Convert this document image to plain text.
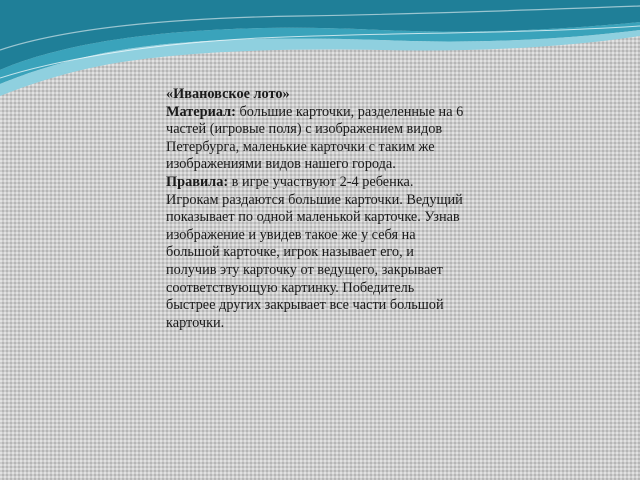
«Ивановское лото»

Материал: большие карточки, разделенные на 6 частей (игровые поля) с изображением видов Петербурга, маленькие карточки с таким же изображениями видов нашего города.

Правила: в игре участвуют 2-4 ребенка. Игрокам раздаются большие карточки. Ведущий показывает по одной маленькой карточке. Узнав изображение и увидев такое же у себя на большой карточке, игрок называет его, и получив эту карточку от ведущего, закрывает соответствующую картинку. Победитель быстрее других закрывает все части большой карточки.
